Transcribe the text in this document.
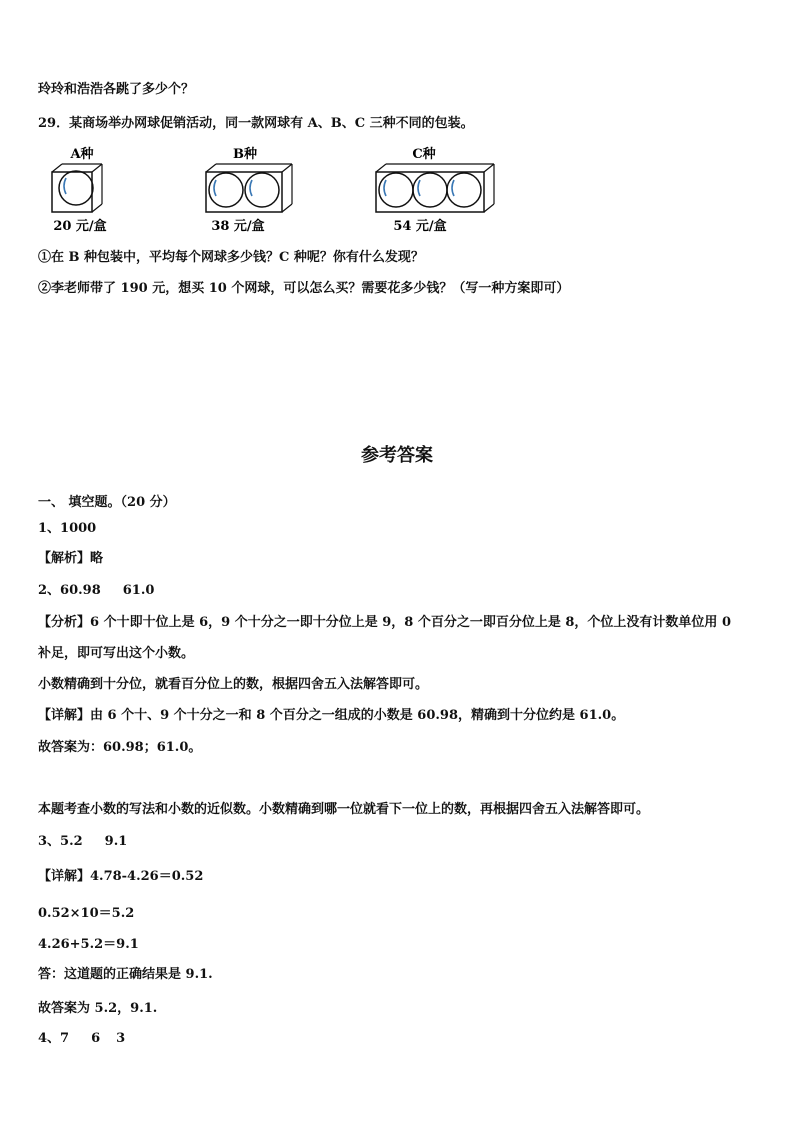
玲玲和浩浩各跳了多少个？
29．某商场举办网球促销活动，同一款网球有 A、B、C 三种不同的包装。
A种
20 元/盒
B种
38 元/盒
C种
54 元/盒
①在 B 种包装中，平均每个网球多少钱？C 种呢？你有什么发现？
②李老师带了 190 元，想买 10 个网球，可以怎么买？需要花多少钱？（写一种方案即可）
参考答案
一、 填空题。（20 分）
1、1000
【解析】略
2、60.98 61.0
【分析】6 个十即十位上是 6，9 个十分之一即十分位上是 9，8 个百分之一即百分位上是 8，个位上没有计数单位用 0
补足，即可写出这个小数。
小数精确到十分位，就看百分位上的数，根据四舍五入法解答即可。
【详解】由 6 个十、9 个十分之一和 8 个百分之一组成的小数是 60.98，精确到十分位约是 61.0。
故答案为：60.98；61.0。
本题考查小数的写法和小数的近似数。小数精确到哪一位就看下一位上的数，再根据四舍五入法解答即可。
3、5.2 9.1
【详解】4.78-4.26＝0.52
0.52×10＝5.2
4.26+5.2＝9.1
答：这道题的正确结果是 9.1.
故答案为 5.2，9.1.
4、7 6 3
